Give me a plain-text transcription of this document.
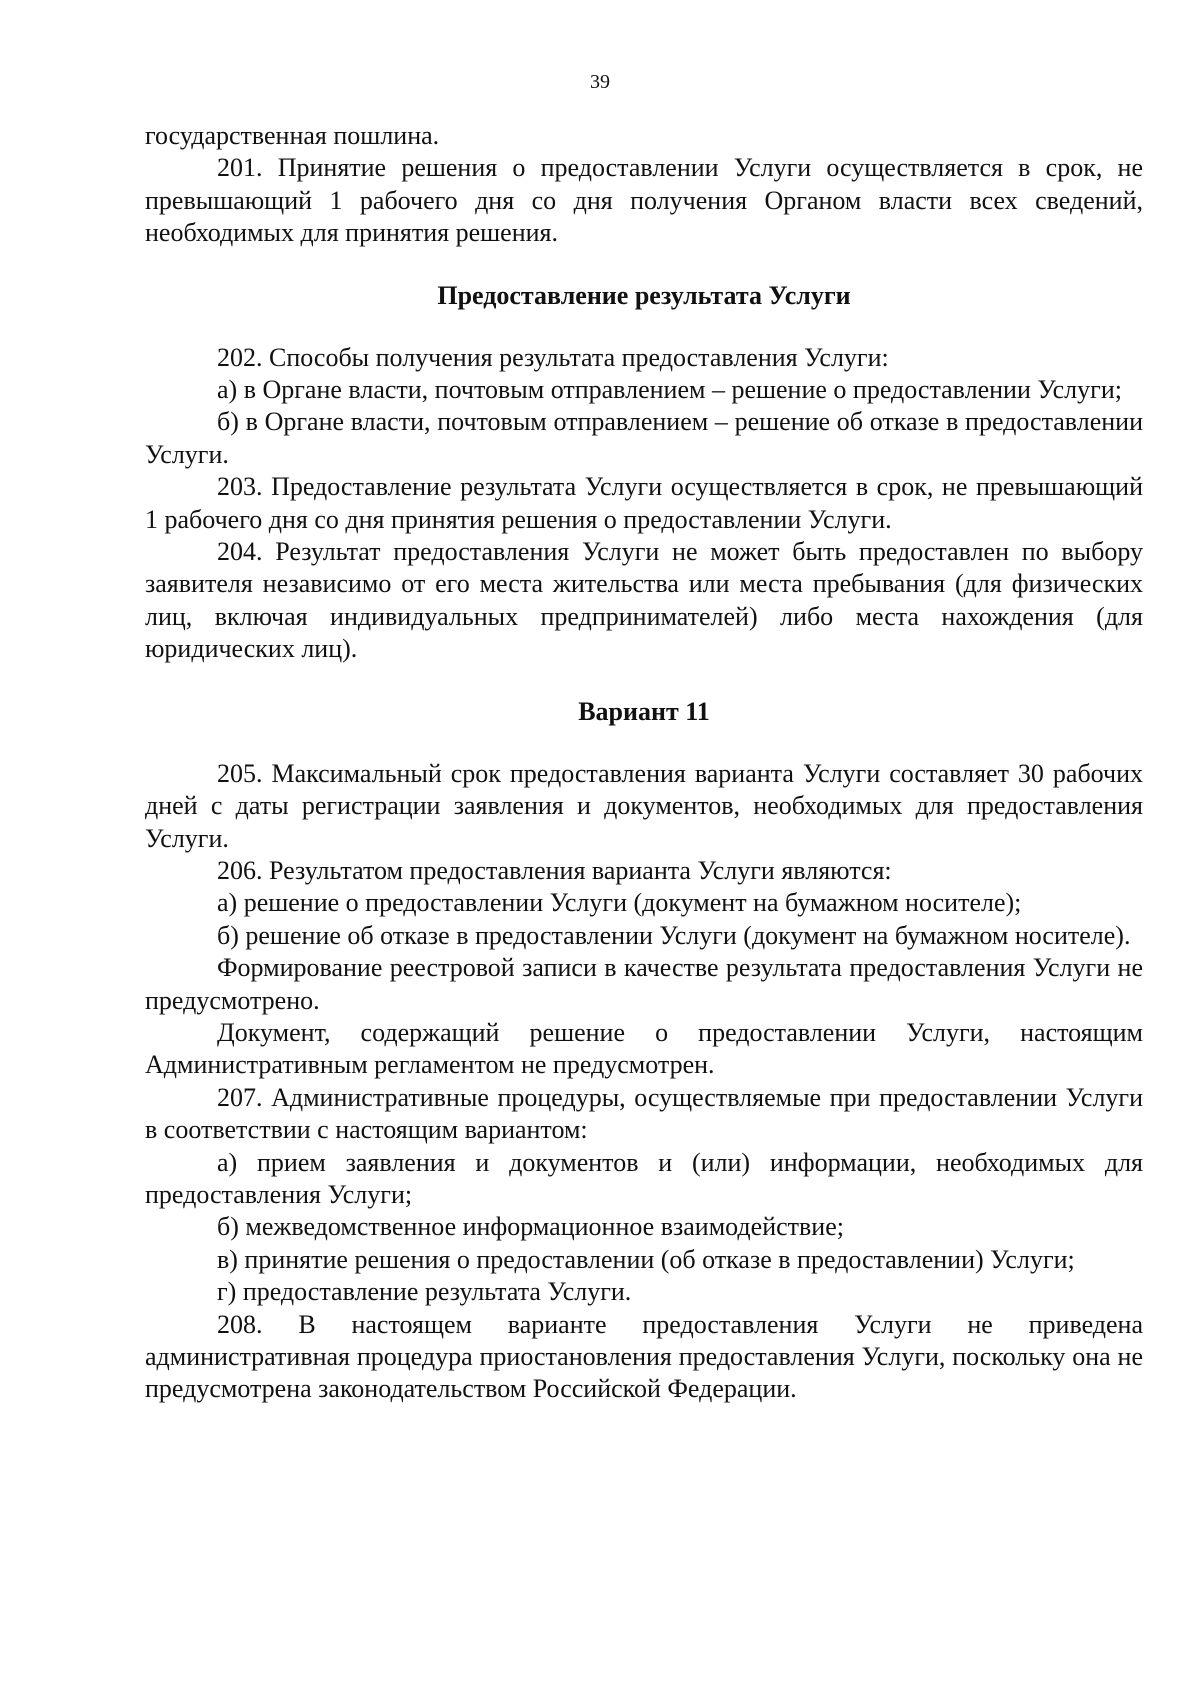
39

государственная пошлина.

201. Принятие решения о предоставлении Услуги осуществляется в срок, не превышающий 1 рабочего дня со дня получения Органом власти всех сведений, необходимых для принятия решения.

Предоставление результата Услуги

202. Способы получения результата предоставления Услуги:

а) в Органе власти, почтовым отправлением – решение о предоставлении Услуги;

б) в Органе власти, почтовым отправлением – решение об отказе в предоставлении Услуги.

203. Предоставление результата Услуги осуществляется в срок, не превышающий 1 рабочего дня со дня принятия решения о предоставлении Услуги.

204. Результат предоставления Услуги не может быть предоставлен по выбору заявителя независимо от его места жительства или места пребывания (для физических лиц, включая индивидуальных предпринимателей) либо места нахождения (для юридических лиц).

Вариант 11

205. Максимальный срок предоставления варианта Услуги составляет 30 рабочих дней с даты регистрации заявления и документов, необходимых для предоставления Услуги.

206. Результатом предоставления варианта Услуги являются:

а) решение о предоставлении Услуги (документ на бумажном носителе);

б) решение об отказе в предоставлении Услуги (документ на бумажном носителе).

Формирование реестровой записи в качестве результата предоставления Услуги не предусмотрено.

Документ, содержащий решение о предоставлении Услуги, настоящим Административным регламентом не предусмотрен.

207. Административные процедуры, осуществляемые при предоставлении Услуги в соответствии с настоящим вариантом:

а) прием заявления и документов и (или) информации, необходимых для предоставления Услуги;

б) межведомственное информационное взаимодействие;

в) принятие решения о предоставлении (об отказе в предоставлении) Услуги;

г) предоставление результата Услуги.

208. В настоящем варианте предоставления Услуги не приведена административная процедура приостановления предоставления Услуги, поскольку она не предусмотрена законодательством Российской Федерации.
